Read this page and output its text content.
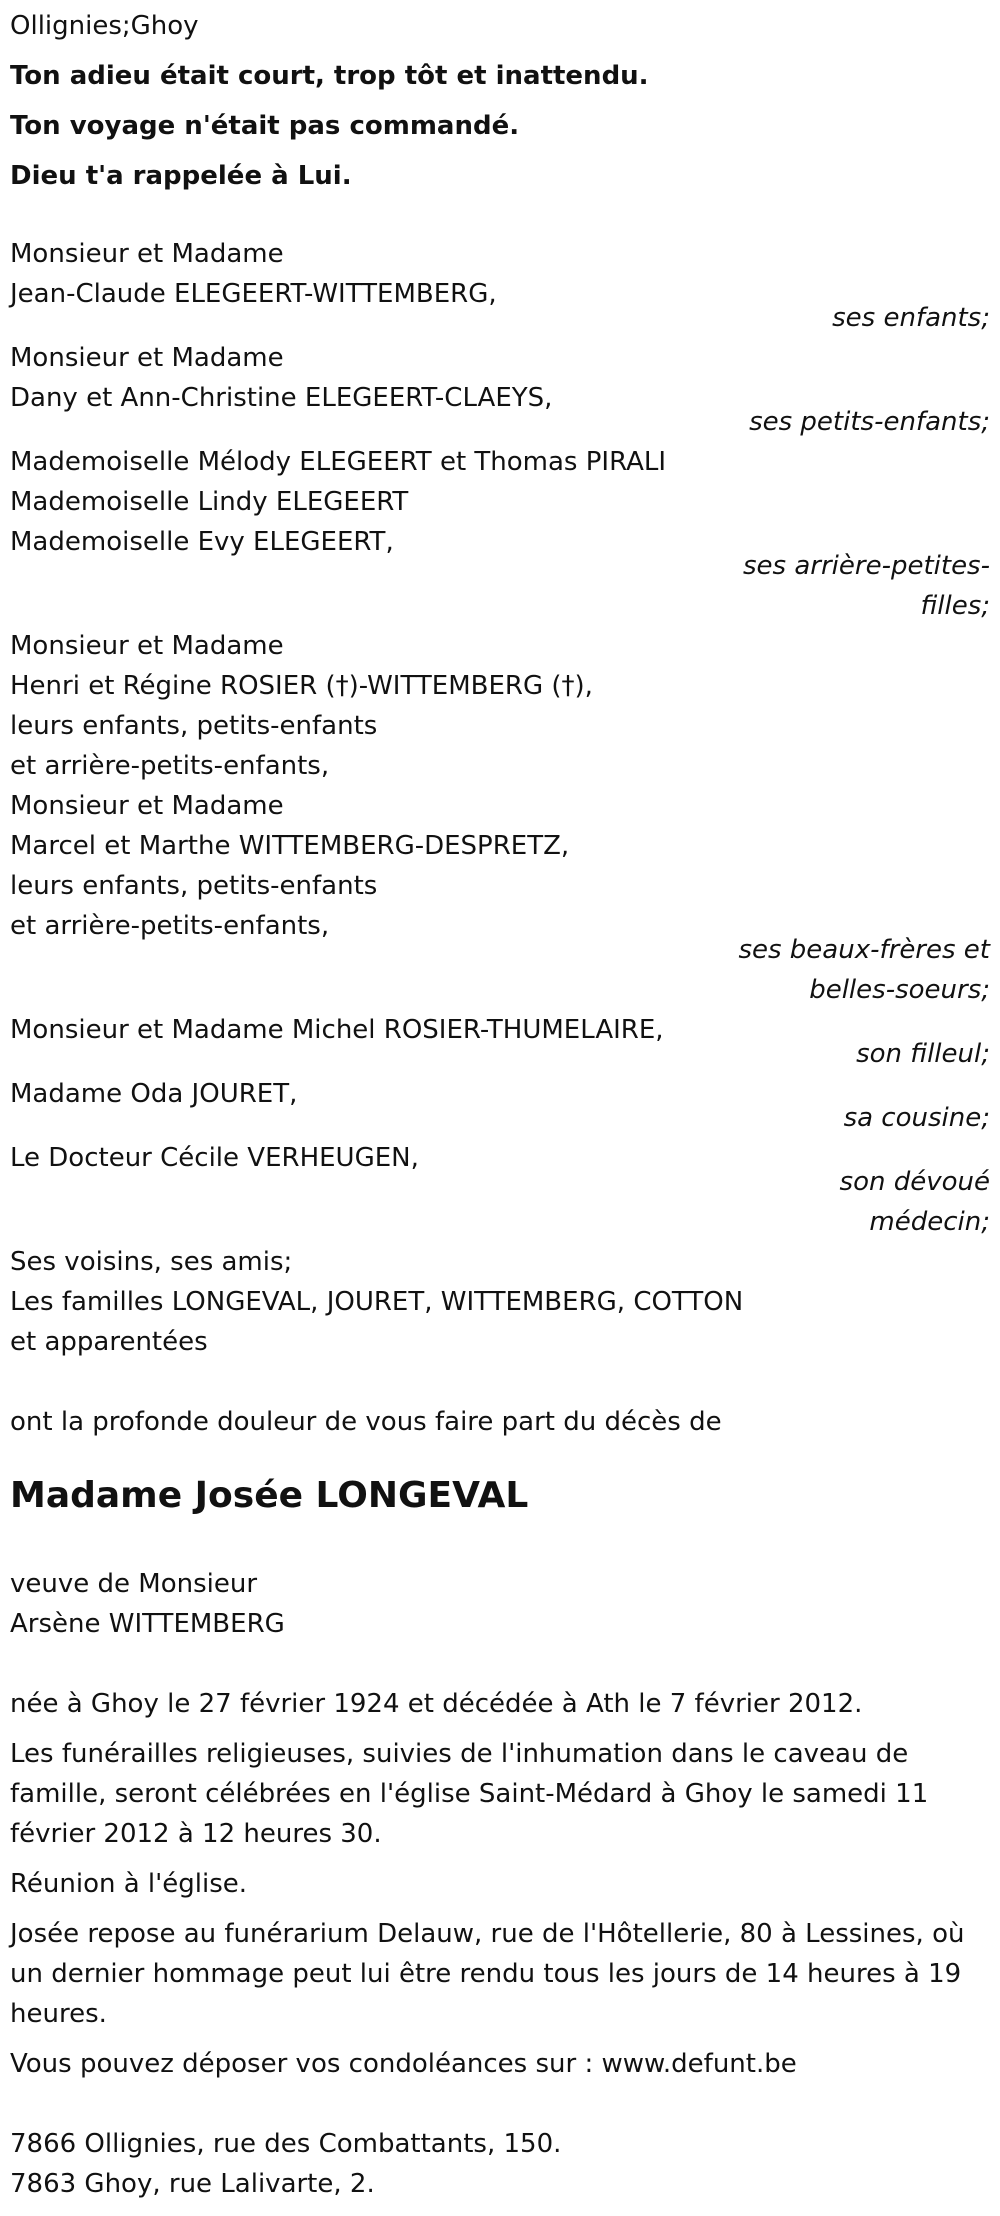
Ollignies;Ghoy
Ton adieu était court, trop tôt et inattendu.
Ton voyage n'était pas commandé.
Dieu t'a rappelée à Lui.
Monsieur et Madame
Jean-Claude ELEGEERT-WITTEMBERG,
ses enfants;
Monsieur et Madame
Dany et Ann-Christine ELEGEERT-CLAEYS,
ses petits-enfants;
Mademoiselle Mélody ELEGEERT et Thomas PIRALI
Mademoiselle Lindy ELEGEERT
Mademoiselle Evy ELEGEERT,
ses arrière-petites-
filles;
Monsieur et Madame
Henri et Régine ROSIER (†)-WITTEMBERG (†),
leurs enfants, petits-enfants
et arrière-petits-enfants,
Monsieur et Madame
Marcel et Marthe WITTEMBERG-DESPRETZ,
leurs enfants, petits-enfants
et arrière-petits-enfants,
ses beaux-frères et
belles-soeurs;
Monsieur et Madame Michel ROSIER-THUMELAIRE,
son filleul;
Madame Oda JOURET,
sa cousine;
Le Docteur Cécile VERHEUGEN,
son dévoué
médecin;
Ses voisins, ses amis;
Les familles LONGEVAL, JOURET, WITTEMBERG, COTTON
et apparentées
ont la profonde douleur de vous faire part du décès de
Madame Josée LONGEVAL
veuve de Monsieur
Arsène WITTEMBERG
née à Ghoy le 27 février 1924 et décédée à Ath le 7 février 2012.
Les funérailles religieuses, suivies de l'inhumation dans le caveau de famille, seront célébrées en l'église Saint-Médard à Ghoy le samedi 11 février 2012 à 12 heures 30.
Réunion à l'église.
Josée repose au funérarium Delauw, rue de l'Hôtellerie, 80 à Lessines, où un dernier hommage peut lui être rendu tous les jours de 14 heures à 19 heures.
Vous pouvez déposer vos condoléances sur : www.defunt.be
7866 Ollignies, rue des Combattants, 150.
7863 Ghoy, rue Lalivarte, 2.
